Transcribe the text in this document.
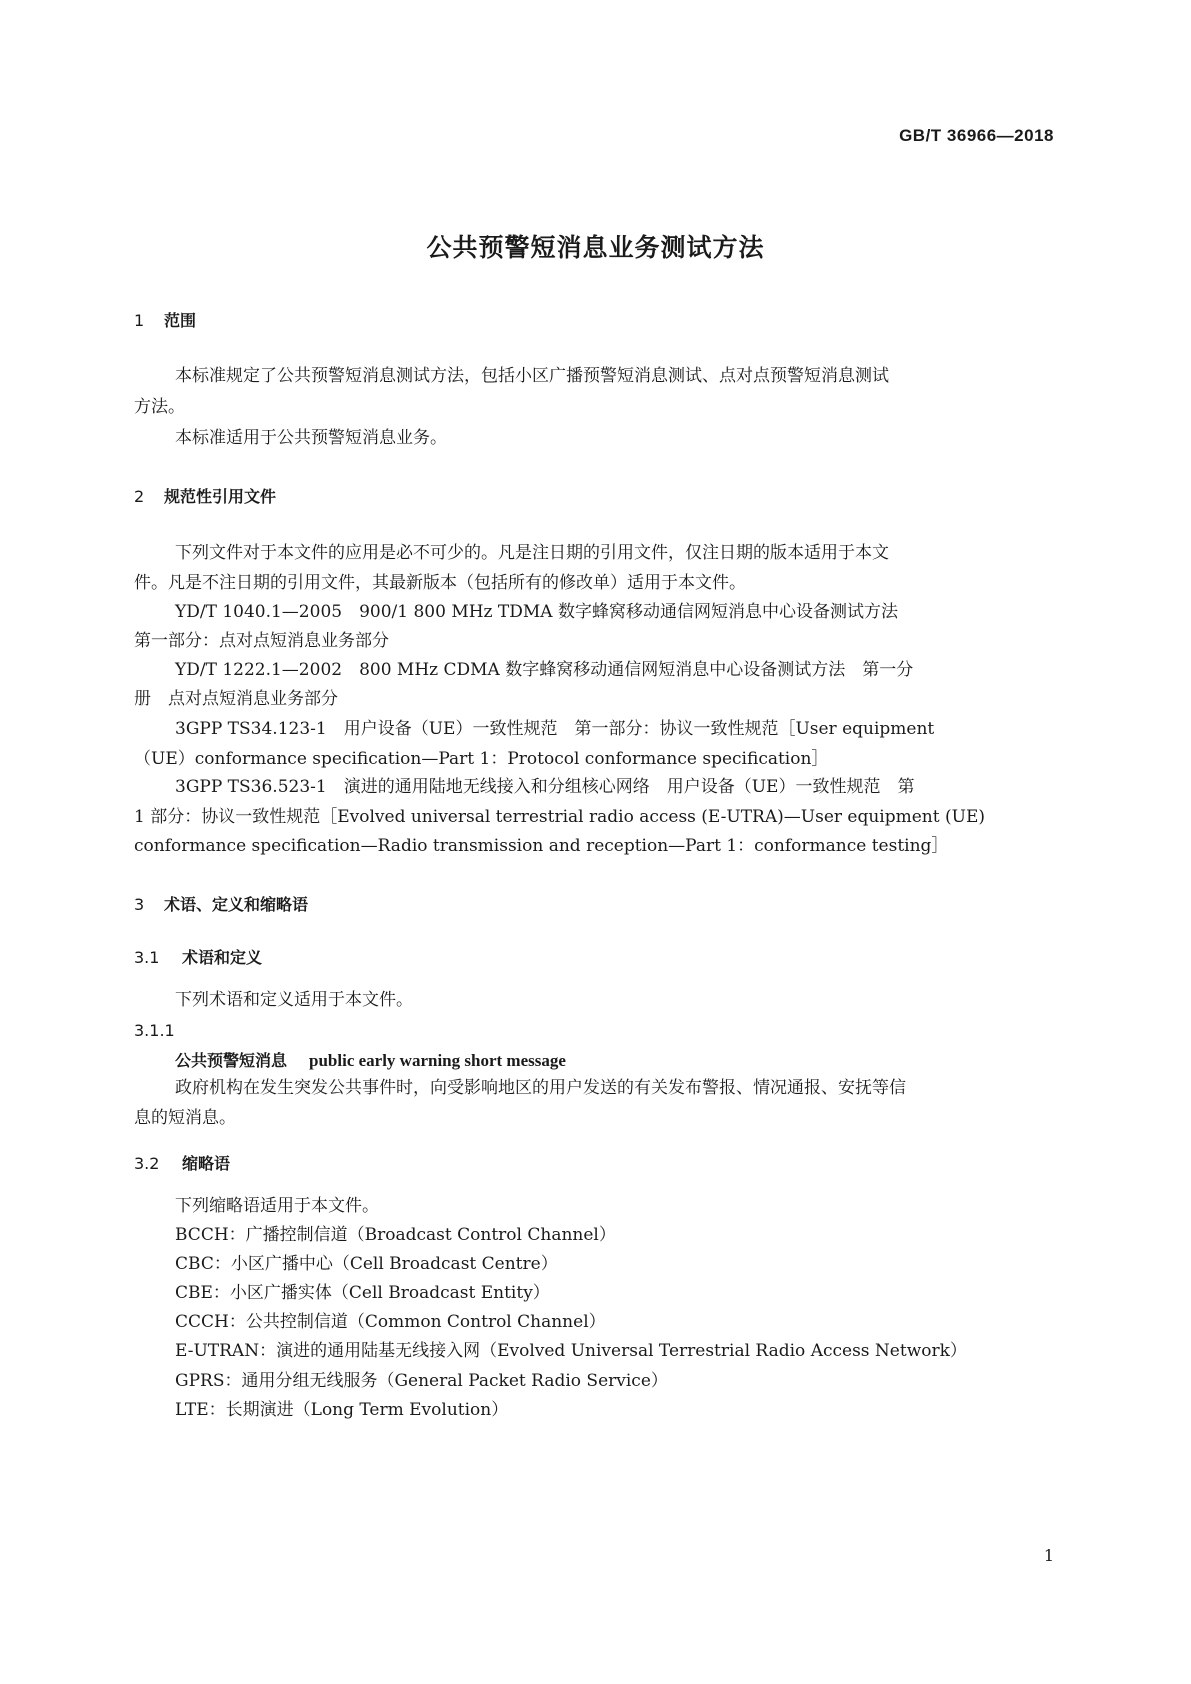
GB/T 36966—2018
公共预警短消息业务测试方法
1 范围
本标准规定了公共预警短消息测试方法，包括小区广播预警短消息测试、点对点预警短消息测试
方法。
本标准适用于公共预警短消息业务。
2 规范性引用文件
下列文件对于本文件的应用是必不可少的。凡是注日期的引用文件，仅注日期的版本适用于本文
件。凡是不注日期的引用文件，其最新版本（包括所有的修改单）适用于本文件。
YD/T 1040.1—2005　900/1 800 MHz TDMA 数字蜂窝移动通信网短消息中心设备测试方法
第一部分：点对点短消息业务部分
YD/T 1222.1—2002　800 MHz CDMA 数字蜂窝移动通信网短消息中心设备测试方法　第一分
册　点对点短消息业务部分
3GPP TS34.123-1　用户设备（UE）一致性规范　第一部分：协议一致性规范［User equipment
（UE）conformance specification—Part 1：Protocol conformance specification］
3GPP TS36.523-1　演进的通用陆地无线接入和分组核心网络　用户设备（UE）一致性规范　第
1 部分：协议一致性规范［Evolved universal terrestrial radio access (E-UTRA)—User equipment (UE)
conformance specification—Radio transmission and reception—Part 1：conformance testing］
3 术语、定义和缩略语
3.1 术语和定义
下列术语和定义适用于本文件。
3.1.1
公共预警短消息 public early warning short message
政府机构在发生突发公共事件时，向受影响地区的用户发送的有关发布警报、情况通报、安抚等信
息的短消息。
3.2 缩略语
下列缩略语适用于本文件。
BCCH：广播控制信道（Broadcast Control Channel）
CBC：小区广播中心（Cell Broadcast Centre）
CBE：小区广播实体（Cell Broadcast Entity）
CCCH：公共控制信道（Common Control Channel）
E-UTRAN：演进的通用陆基无线接入网（Evolved Universal Terrestrial Radio Access Network）
GPRS：通用分组无线服务（General Packet Radio Service）
LTE：长期演进（Long Term Evolution）
1
